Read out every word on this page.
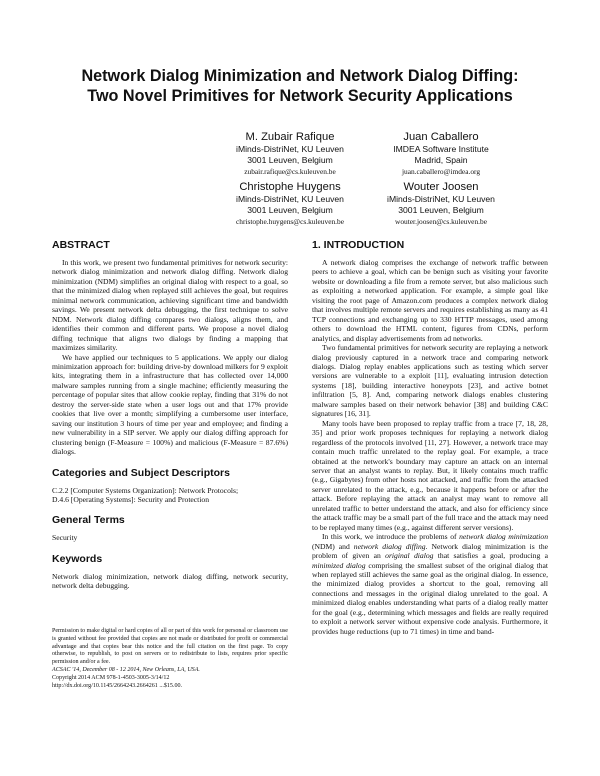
Network Dialog Minimization and Network Dialog Diffing:
Two Novel Primitives for Network Security Applications
M. Zubair Rafique
iMinds-DistriNet, KU Leuven
3001 Leuven, Belgium
zubair.rafique@cs.kuleuven.be
Juan Caballero
IMDEA Software Institute
Madrid, Spain
juan.caballero@imdea.org
Christophe Huygens
iMinds-DistriNet, KU Leuven
3001 Leuven, Belgium
christophe.huygens@cs.kuleuven.be
Wouter Joosen
iMinds-DistriNet, KU Leuven
3001 Leuven, Belgium
wouter.joosen@cs.kuleuven.be
ABSTRACT

In this work, we present two fundamental primitives for network security: network dialog minimization and network dialog diffing. Network dialog minimization (NDM) simplifies an original dialog with respect to a goal, so that the minimized dialog when replayed still achieves the goal, but requires minimal network communication, achieving significant time and bandwidth savings. We present network delta debugging, the first technique to solve NDM. Network dialog diffing compares two dialogs, aligns them, and identifies their common and different parts. We propose a novel dialog diffing technique that aligns two dialogs by finding a mapping that maximizes similarity.

We have applied our techniques to 5 applications. We apply our dialog minimization approach for: building drive-by download milkers for 9 exploit kits, integrating them in a infrastructure that has collected over 14,000 malware samples running from a single machine; efficiently measuring the percentage of popular sites that allow cookie replay, finding that 31% do not destroy the server-side state when a user logs out and that 17% provide cookies that live over a month; simplifying a cumbersome user interface, saving our institution 3 hours of time per year and employee; and finding a new vulnerability in a SIP server. We apply our dialog diffing approach for clustering benign (F-Measure = 100%) and malicious (F-Measure = 87.6%) dialogs.

Categories and Subject Descriptors

C.2.2 [Computer Systems Organization]: Network Protocols;

D.4.6 [Operating Systems]: Security and Protection

General Terms

Security

Keywords

Network dialog minimization, network dialog diffing, network security, network delta debugging.

Permission to make digital or hard copies of all or part of this work for personal or classroom use is granted without fee provided that copies are not made or distributed for profit or commercial advantage and that copies bear this notice and the full citation on the first page. To copy otherwise, to republish, to post on servers or to redistribute to lists, requires prior specific permission and/or a fee.
ACSAC '14, December 08 - 12 2014, New Orleans, LA, USA.
Copyright 2014 ACM 978-1-4503-3005-3/14/12
http://dx.doi.org/10.1145/2664243.2664261 ...$15.00.
1. INTRODUCTION

A network dialog comprises the exchange of network traffic between peers to achieve a goal, which can be benign such as visiting your favorite website or downloading a file from a remote server, but also malicious such as exploiting a networked application. For example, a simple goal like visiting the root page of Amazon.com produces a complex network dialog that involves multiple remote servers and requires establishing as many as 41 TCP connections and exchanging up to 330 HTTP messages, used among others to download the HTML content, figures from CDNs, perform analytics, and display advertisements from ad networks.

Two fundamental primitives for network security are replaying a network dialog previously captured in a network trace and comparing network dialogs. Dialog replay enables applications such as testing which server versions are vulnerable to a exploit [11], evaluating intrusion detection systems [18], building interactive honeypots [23], and active botnet infiltration [5, 8]. And, comparing network dialogs enables clustering malware samples based on their network behavior [38] and building C&C signatures [16, 31].

Many tools have been proposed to replay traffic from a trace [7, 18, 28, 35] and prior work proposes techniques for replaying a network dialog regardless of the protocols involved [11, 27]. However, a network trace may contain much traffic unrelated to the replay goal. For example, a trace obtained at the network's boundary may capture an attack on an internal server that an analyst wants to replay. But, it likely contains much traffic (e.g., Gigabytes) from other hosts not attacked, and traffic from the attacked server unrelated to the attack, e.g., because it happens before or after the attack. Before replaying the attack an analyst may want to remove all unrelated traffic to better understand the attack, and also for efficiency since the attack traffic may be a small part of the full trace and the attack may need to be replayed many times (e.g., against different server versions).

In this work, we introduce the problems of network dialog minimization (NDM) and network dialog diffing. Network dialog minimization is the problem of given an original dialog that satisfies a goal, producing a minimized dialog comprising the smallest subset of the original dialog that when replayed still achieves the same goal as the original dialog. In essence, the minimized dialog provides a shortcut to the goal, removing all connections and messages in the original dialog unrelated to the goal. A minimized dialog enables understanding what parts of a dialog really matter for the goal (e.g., determining which messages and fields are really required to exploit a network server without expensive code analysis. Furthermore, it provides huge reductions (up to 71 times) in time and band-
